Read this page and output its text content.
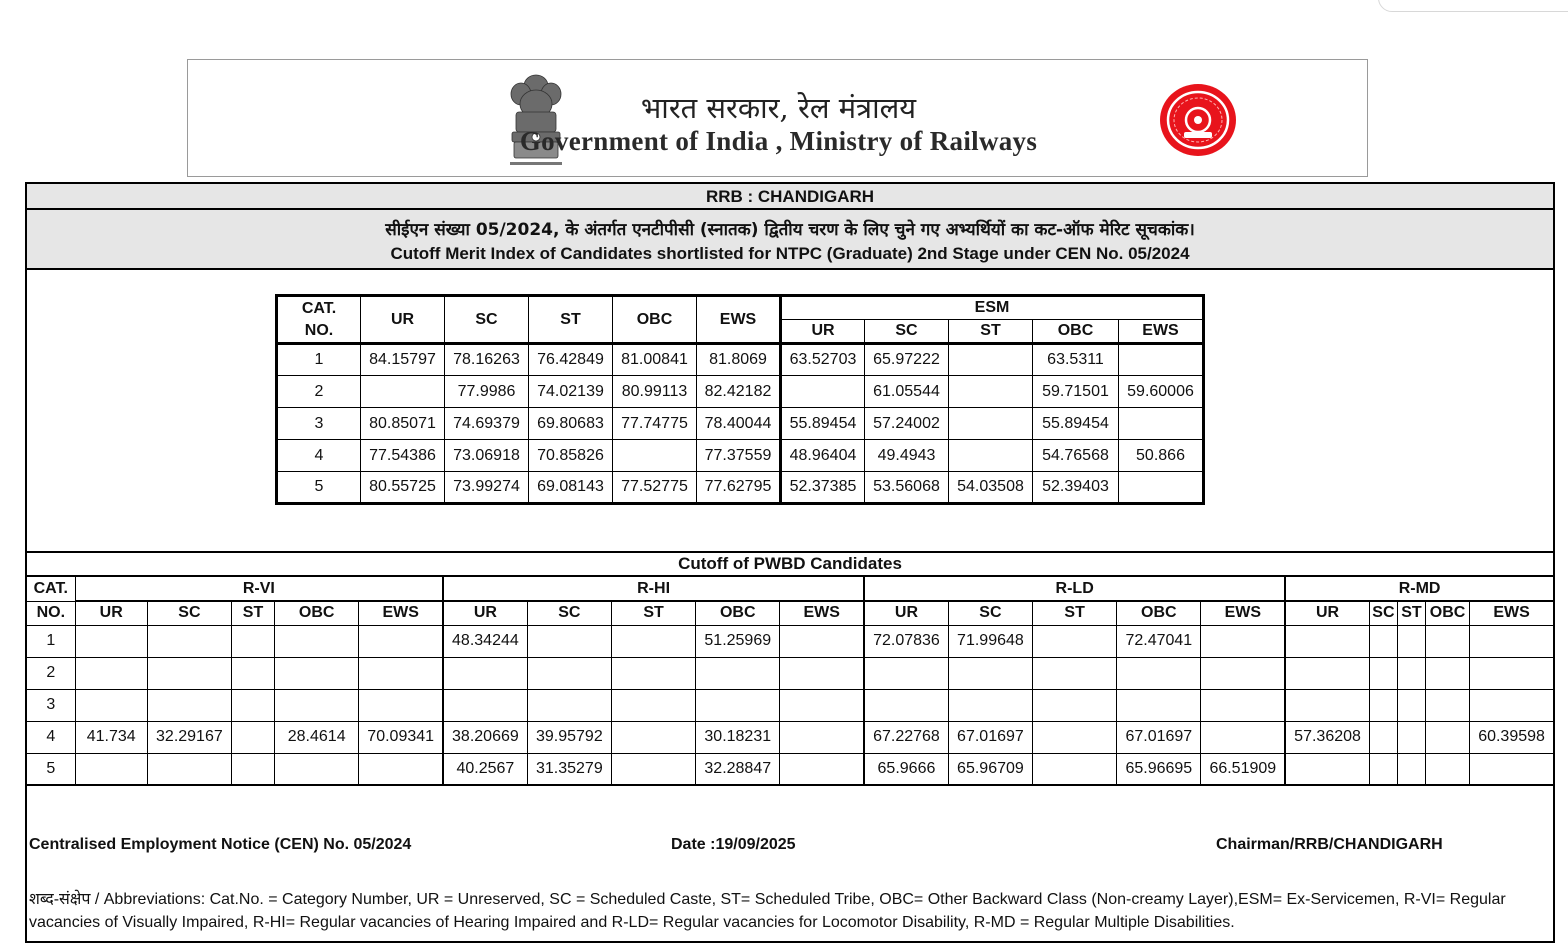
भारत सरकार, रेल मंत्रालय
Government of India , Ministry of Railways
RRB : CHANDIGARH
सीईएन संख्या 05/2024, के अंतर्गत एनटीपीसी (स्नातक) द्वितीय चरण के लिए चुने गए अभ्यर्थियों का कट-ऑफ मेरिट सूचकांक।
Cutoff Merit Index of Candidates shortlisted for NTPC (Graduate) 2nd Stage under CEN No. 05/2024
CAT.
NO.	UR	SC	ST	OBC	EWS	ESM				
						UR	SC	ST	OBC	EWS
1	84.15797	78.16263	76.42849	81.00841	81.8069	63.52703	65.97222		63.5311	
2		77.9986	74.02139	80.99113	82.42182		61.05544		59.71501	59.60006
3	80.85071	74.69379	69.80683	77.74775	78.40044	55.89454	57.24002		55.89454	
4	77.54386	73.06918	70.85826		77.37559	48.96404	49.4943		54.76568	50.866
5	80.55725	73.99274	69.08143	77.52775	77.62795	52.37385	53.56068	54.03508	52.39403	
Cutoff of PWBD Candidates
CAT.	R-VI					R-HI					R-LD					R-MD				
NO.	UR	SC	ST	OBC	EWS	UR	SC	ST	OBC	EWS	UR	SC	ST	OBC	EWS	UR	SC	ST	OBC	EWS
1						48.34244			51.25969		72.07836	71.99648		72.47041						
2																				
3																				
4	41.734	32.29167		28.4614	70.09341	38.20669	39.95792		30.18231		67.22768	67.01697		67.01697		57.36208				60.39598
5						40.2567	31.35279		32.28847		65.9666	65.96709		65.96695	66.51909					
Centralised Employment Notice (CEN) No. 05/2024	Date :19/09/2025	Chairman/RRB/CHANDIGARH
शब्द-संक्षेप / Abbreviations: Cat.No. = Category Number, UR = Unreserved, SC = Scheduled Caste, ST= Scheduled Tribe, OBC= Other Backward Class (Non-creamy Layer),ESM= Ex-Servicemen, R-VI= Regular vacancies of Visually Impaired, R-HI= Regular vacancies of Hearing Impaired and R-LD= Regular vacancies for Locomotor Disability, R-MD = Regular Multiple Disabilities.
